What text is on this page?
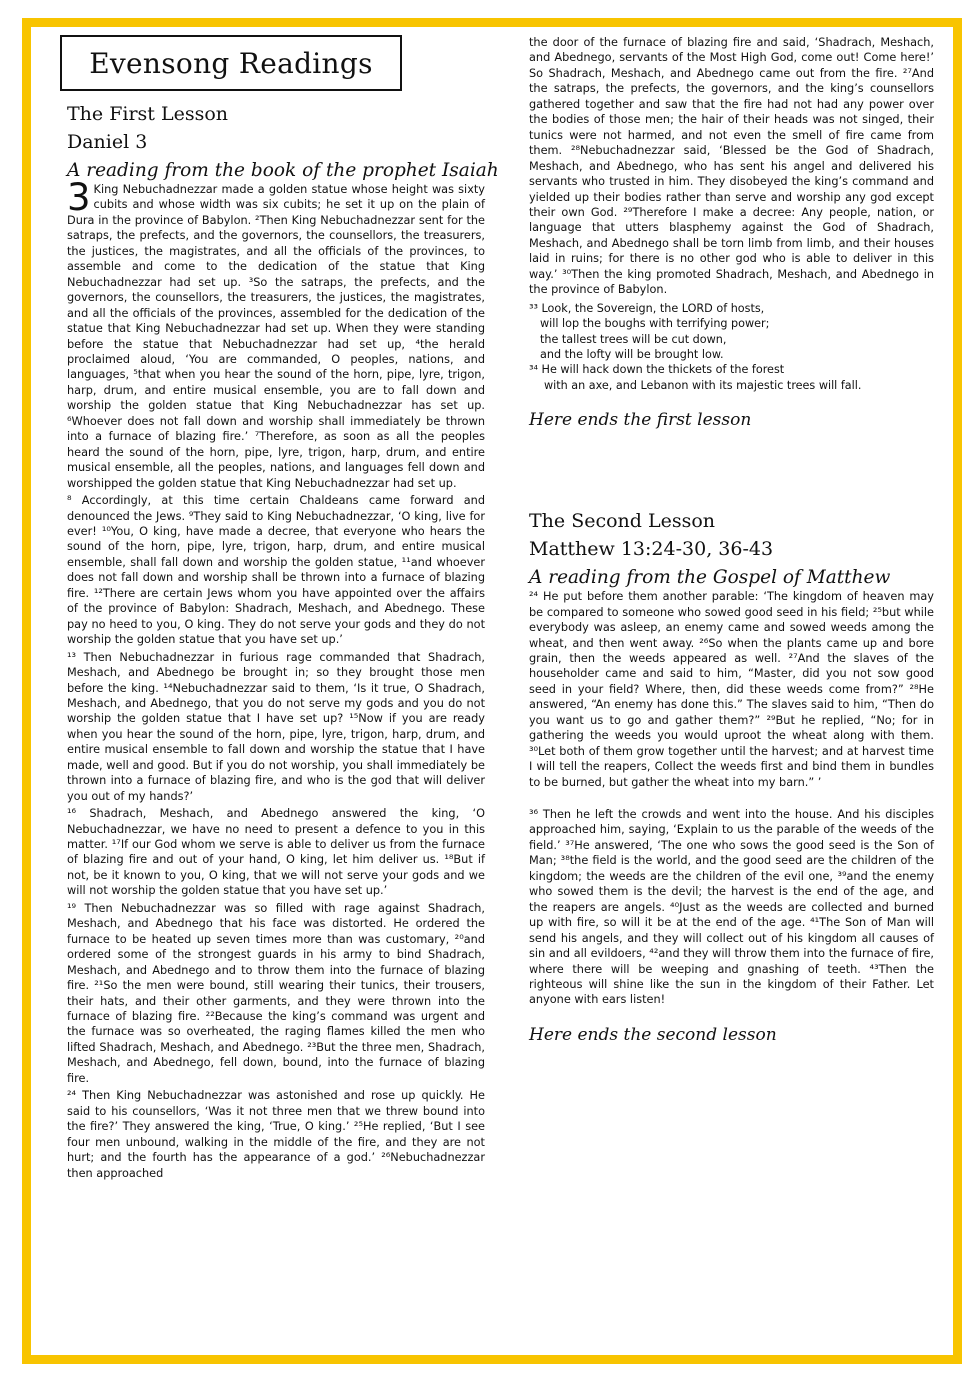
Evensong Readings
The First Lesson
Daniel 3
A reading from the book of the prophet Isaiah

3 King Nebuchadnezzar made a golden statue whose height was sixty cubits and whose width was six cubits; he set it up on the plain of Dura in the province of Babylon. ²Then King Nebuchadnezzar sent for the satraps, the prefects, and the governors, the counsellors, the treasurers, the justices, the magistrates, and all the officials of the provinces, to assemble and come to the dedication of the statue that King Nebuchadnezzar had set up. ³So the satraps, the prefects, and the governors, the counsellors, the treasurers, the justices, the magistrates, and all the officials of the provinces, assembled for the dedication of the statue that King Nebuchadnezzar had set up. When they were standing before the statue that Nebuchadnezzar had set up, ⁴the herald proclaimed aloud, ‘You are commanded, O peoples, nations, and languages, ⁵that when you hear the sound of the horn, pipe, lyre, trigon, harp, drum, and entire musical ensemble, you are to fall down and worship the golden statue that King Nebuchadnezzar has set up. ⁶Whoever does not fall down and worship shall immediately be thrown into a furnace of blazing fire.’ ⁷Therefore, as soon as all the peoples heard the sound of the horn, pipe, lyre, trigon, harp, drum, and entire musical ensemble, all the peoples, nations, and languages fell down and worshipped the golden statue that King Nebuchadnezzar had set up.

⁸ Accordingly, at this time certain Chaldeans came forward and denounced the Jews. ⁹They said to King Nebuchadnezzar, ‘O king, live for ever! ¹⁰You, O king, have made a decree, that everyone who hears the sound of the horn, pipe, lyre, trigon, harp, drum, and entire musical ensemble, shall fall down and worship the golden statue, ¹¹and whoever does not fall down and worship shall be thrown into a furnace of blazing fire. ¹²There are certain Jews whom you have appointed over the affairs of the province of Babylon: Shadrach, Meshach, and Abednego. These pay no heed to you, O king. They do not serve your gods and they do not worship the golden statue that you have set up.’

¹³ Then Nebuchadnezzar in furious rage commanded that Shadrach, Meshach, and Abednego be brought in; so they brought those men before the king. ¹⁴Nebuchadnezzar said to them, ‘Is it true, O Shadrach, Meshach, and Abednego, that you do not serve my gods and you do not worship the golden statue that I have set up? ¹⁵Now if you are ready when you hear the sound of the horn, pipe, lyre, trigon, harp, drum, and entire musical ensemble to fall down and worship the statue that I have made, well and good. But if you do not worship, you shall immediately be thrown into a furnace of blazing fire, and who is the god that will deliver you out of my hands?’

¹⁶ Shadrach, Meshach, and Abednego answered the king, ‘O Nebuchadnezzar, we have no need to present a defence to you in this matter. ¹⁷If our God whom we serve is able to deliver us from the furnace of blazing fire and out of your hand, O king, let him deliver us. ¹⁸But if not, be it known to you, O king, that we will not serve your gods and we will not worship the golden statue that you have set up.’

¹⁹ Then Nebuchadnezzar was so filled with rage against Shadrach, Meshach, and Abednego that his face was distorted. He ordered the furnace to be heated up seven times more than was customary, ²⁰and ordered some of the strongest guards in his army to bind Shadrach, Meshach, and Abednego and to throw them into the furnace of blazing fire. ²¹So the men were bound, still wearing their tunics, their trousers, their hats, and their other garments, and they were thrown into the furnace of blazing fire. ²²Because the king’s command was urgent and the furnace was so overheated, the raging flames killed the men who lifted Shadrach, Meshach, and Abednego. ²³But the three men, Shadrach, Meshach, and Abednego, fell down, bound, into the furnace of blazing fire.

²⁴ Then King Nebuchadnezzar was astonished and rose up quickly. He said to his counsellors, ‘Was it not three men that we threw bound into the fire?’ They answered the king, ‘True, O king.’ ²⁵He replied, ‘But I see four men unbound, walking in the middle of the fire, and they are not hurt; and the fourth has the appearance of a god.’ ²⁶Nebuchadnezzar then approached

the door of the furnace of blazing fire and said, ‘Shadrach, Meshach, and Abednego, servants of the Most High God, come out! Come here!’ So Shadrach, Meshach, and Abednego came out from the fire. ²⁷And the satraps, the prefects, the governors, and the king’s counsellors gathered together and saw that the fire had not had any power over the bodies of those men; the hair of their heads was not singed, their tunics were not harmed, and not even the smell of fire came from them. ²⁸Nebuchadnezzar said, ‘Blessed be the God of Shadrach, Meshach, and Abednego, who has sent his angel and delivered his servants who trusted in him. They disobeyed the king’s command and yielded up their bodies rather than serve and worship any god except their own God. ²⁹Therefore I make a decree: Any people, nation, or language that utters blasphemy against the God of Shadrach, Meshach, and Abednego shall be torn limb from limb, and their houses laid in ruins; for there is no other god who is able to deliver in this way.’ ³⁰Then the king promoted Shadrach, Meshach, and Abednego in the province of Babylon.

³³ Look, the Sovereign, the LORD of hosts,
will lop the boughs with terrifying power;
the tallest trees will be cut down,
and the lofty will be brought low.
³⁴ He will hack down the thickets of the forest
with an axe, and Lebanon with its majestic trees will fall.
Here ends the first lesson
The Second Lesson
Matthew 13:24-30, 36-43
A reading from the Gospel of Matthew

²⁴ He put before them another parable: ‘The kingdom of heaven may be compared to someone who sowed good seed in his field; ²⁵but while everybody was asleep, an enemy came and sowed weeds among the wheat, and then went away. ²⁶So when the plants came up and bore grain, then the weeds appeared as well. ²⁷And the slaves of the householder came and said to him, “Master, did you not sow good seed in your field? Where, then, did these weeds come from?” ²⁸He answered, “An enemy has done this.” The slaves said to him, “Then do you want us to go and gather them?” ²⁹But he replied, “No; for in gathering the weeds you would uproot the wheat along with them. ³⁰Let both of them grow together until the harvest; and at harvest time I will tell the reapers, Collect the weeds first and bind them in bundles to be burned, but gather the wheat into my barn.” ’

³⁶ Then he left the crowds and went into the house. And his disciples approached him, saying, ‘Explain to us the parable of the weeds of the field.’ ³⁷He answered, ‘The one who sows the good seed is the Son of Man; ³⁸the field is the world, and the good seed are the children of the kingdom; the weeds are the children of the evil one, ³⁹and the enemy who sowed them is the devil; the harvest is the end of the age, and the reapers are angels. ⁴⁰Just as the weeds are collected and burned up with fire, so will it be at the end of the age. ⁴¹The Son of Man will send his angels, and they will collect out of his kingdom all causes of sin and all evildoers, ⁴²and they will throw them into the furnace of fire, where there will be weeping and gnashing of teeth. ⁴³Then the righteous will shine like the sun in the kingdom of their Father. Let anyone with ears listen!

Here ends the second lesson
